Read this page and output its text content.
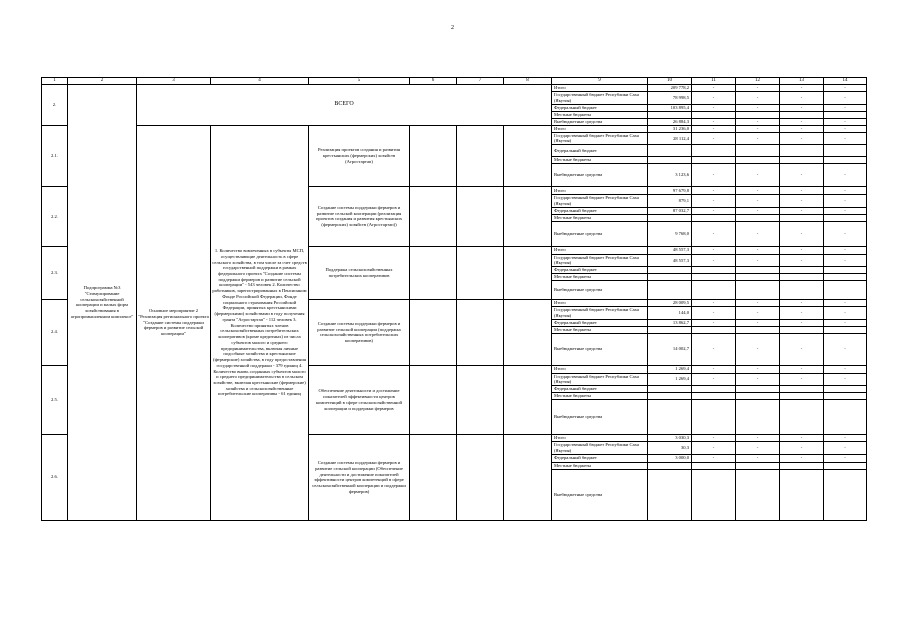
2
1	2	3	4	5	6	7	8	9	10	11	12	13	14
2.	Подпрограмма №3 "Стимулирование сельскохозяйственной кооперации и малых форм хозяйствования в агропромышленном комплексе"	ВСЕГО						Итого	209 778,2	-	-	-	-
								Государственный бюджет Республики Саха (Якутия)	78 998,5	-	-	-	-
								Федеральный бюджет	103 895,4	-	-	-	-
								Местные бюджеты					
								Внебюджетные средства	26 884,3	-	-	-	-
2.1.		Основное мероприятие 2 "Реализация регионального проекта "Создание системы поддержки фермеров и развитие сельской кооперации"	1. Количество вовлеченных в субъекты МСП, осуществляющие деятельность в сфере сельского хозяйства, в том числе за счет средств государственной поддержки в рамках федерального проекта "Создание системы поддержки фермеров и развитие сельской кооперации" - 543 человек 2. Количество работников, зарегистрированных в Пенсионном Фонде Российской Федерации, Фонде социального страхования Российской Федерации, принятых крестьянскими (фермерскими) хозяйствами в году получения гранта "Агростартап" - 112 человек 3. Количество принятых членов сельскохозяйственных потребительских кооперативов (кроме кредитных) из числа субъектов малого и среднего предпринимательства, включая личные подсобные хозяйства и крестьянские (фермерские) хозяйства, в году предоставления государственной поддержки - 379 единиц 4. Количество вновь созданных субъектов малого и среднего предпринимательства в сельском хозяйстве, включая крестьянские (фермерские) хозяйства и сельскохозяйственные потребительские кооперативы - 61 единиц	Реализация проектов создания и развития крестьянских (фермерских) хозяйств (Агростартап)				Итого	31 236,0	-	-	-	-
								Государственный бюджет Республики Саха (Якутия)	28 112,4	-	-	-	-
								Федеральный бюджет					
								Местные бюджеты					
								Внебюджетные средства	3 123,6	-	-	-	-
2.2.				Создание системы поддержки фермеров и развитие сельской кооперации (реализация проектов создания и развития крестьянских (фермерских) хозяйств (Агростартап))				Итого	97 679,8	-	-	-	-
								Государственный бюджет Республики Саха (Якутия)	879,1	-	-	-	-
								Федеральный бюджет	87 032,7	-	-	-	-
								Местные бюджеты					
								Внебюджетные средства	9 768,0	-	-	-	-
2.3.				Поддержка сельскохозяйственных потребительских кооперативов				Итого	48 557,3	-	-	-	-
								Государственный бюджет Республики Саха (Якутия)	48 557,3	-	-	-	-
								Федеральный бюджет					
								Местные бюджеты					
								Внебюджетные средства					
2.4.				Создание системы поддержки фермеров и развитие сельской кооперации (поддержка сельскохозяйственных потребительских кооперативов)				Итого	28 009,5	-	-	-	-
								Государственный бюджет Республики Саха (Якутия)	144,0	-	-	-	-
								Федеральный бюджет	13 862,7	-	-	-	-
								Местные бюджеты					
								Внебюджетные средства	14 002,7	-	-	-	-
2.5.				Обеспечение деятельности и достижение показателей эффективности центров компетенций в сфере сельскохозяйственной кооперации и поддержки фермеров				Итого	1 269,4	-	-	-	-
								Государственный бюджет Республики Саха (Якутия)	1 269,4	-	-	-	-
								Федеральный бюджет					
								Местные бюджеты					
								Внебюджетные средства					
2.6.				Создание системы поддержки фермеров и развитие сельской кооперации (Обеспечение деятельности и достижение показателей эффективности центров компетенций в сфере сельскохозяйственной кооперации и поддержки фермеров)				Итого	3 030,3	-	-	-	-
								Государственный бюджет Республики Саха (Якутия)	30,3	-	-	-	-
								Федеральный бюджет	3 000,0	-	-	-	-
								Местные бюджеты					
								Внебюджетные средства					
